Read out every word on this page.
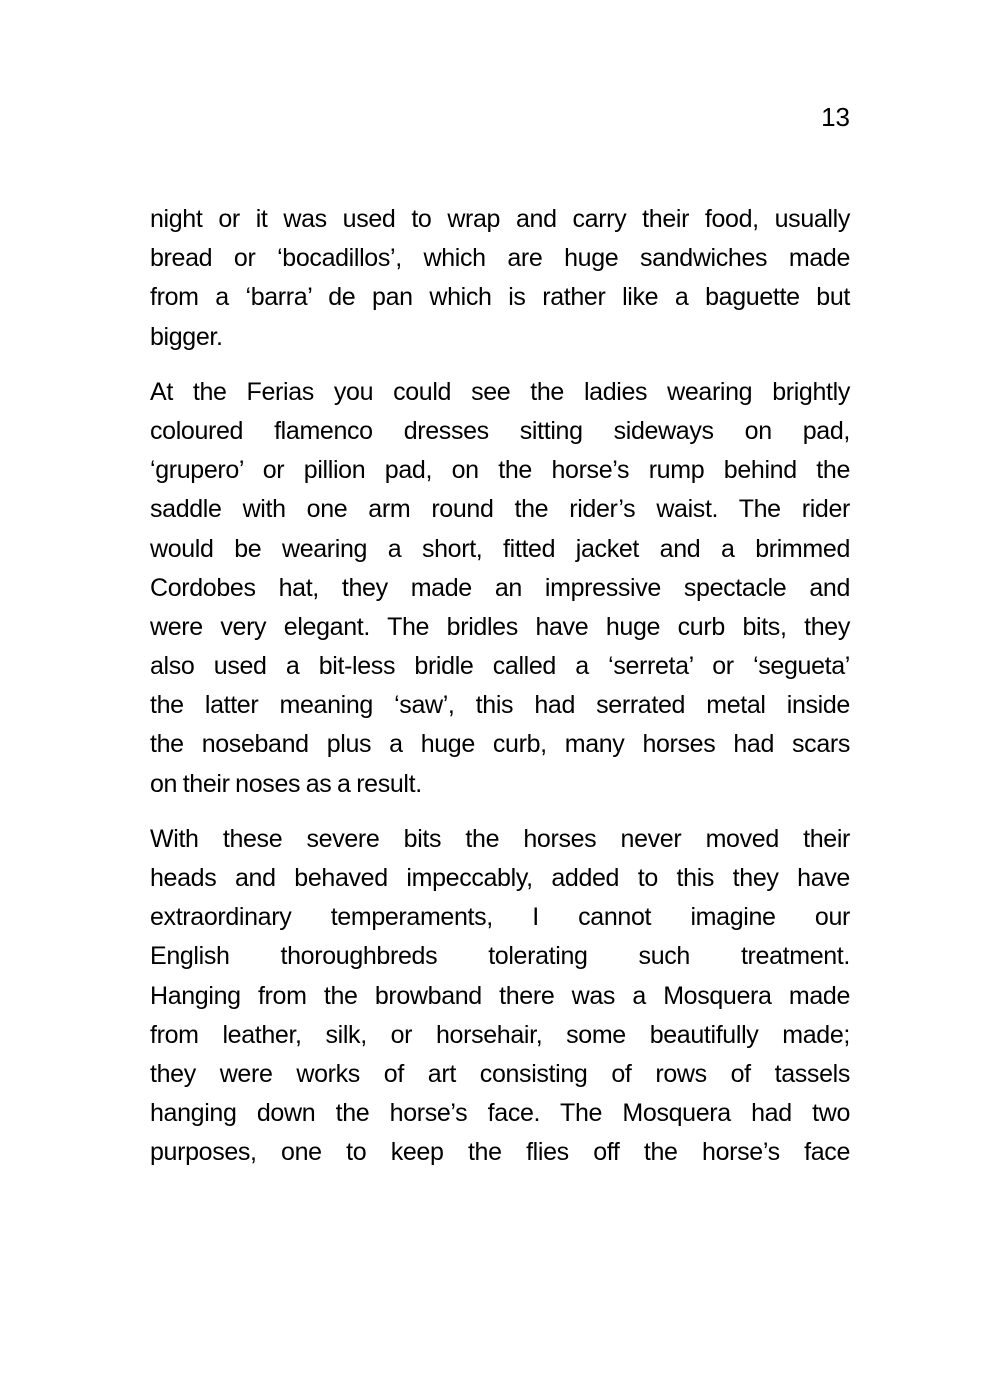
13
night or it was used to wrap and carry their food, usually
bread or ‘bocadillos’, which are huge sandwiches made
from a ‘barra’ de pan which is rather like a baguette but
bigger.
At the Ferias you could see the ladies wearing brightly
coloured flamenco dresses sitting sideways on pad,
‘grupero’ or pillion pad, on the horse’s rump behind the
saddle with one arm round the rider’s waist. The rider
would be wearing a short, fitted jacket and a brimmed
Cordobes hat, they made an impressive spectacle and
were very elegant. The bridles have huge curb bits, they
also used a bit-less bridle called a ‘serreta’ or ‘segueta’
the latter meaning ‘saw’, this had serrated metal inside
the noseband plus a huge curb, many horses had scars
on their noses as a result.
With these severe bits the horses never moved their
heads and behaved impeccably, added to this they have
extraordinary temperaments, I cannot imagine our
English thoroughbreds tolerating such treatment.
Hanging from the browband there was a Mosquera made
from leather, silk, or horsehair, some beautifully made;
they were works of art consisting of rows of tassels
hanging down the horse’s face. The Mosquera had two
purposes, one to keep the flies off the horse’s face
